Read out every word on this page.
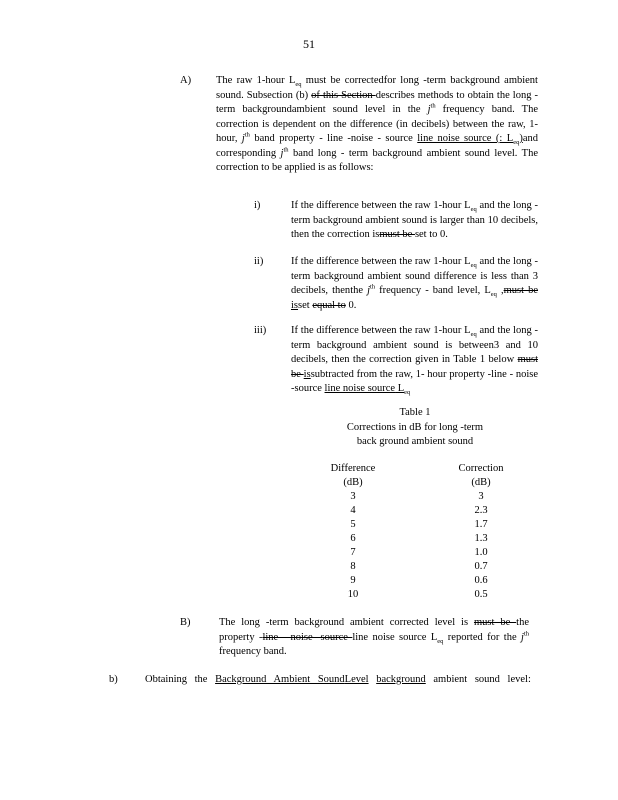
51
A) The raw 1-hour $L_{eq}$ must be correctedfor long -term background ambient sound. Subsection (b) of this Section describes methods to obtain the long -term backgroundambient sound level in the $j^{th}$ frequency band. The correction is dependent on the difference (in decibels) between the raw, 1- hour, $j^{th}$ band property - line -noise - source line noise source (: $L_{eq})and$ corresponding $j^{th}$ band long - term background ambient sound level. The correction to be applied is as follows:
i)	If the difference between the raw 1-hour $L_{eq}$ and the long -term background ambient sound is larger than 10 decibels, then the correction ismust be set to 0.
ii)	If the difference between the raw 1-hour $L_{eq}$ and the long -term background ambient sound difference is less than 3 decibels, thenthe $j^{th}$ frequency - band level, $L_{eq}$ ,must be isset equal to 0.
iii) If the difference between the raw 1-hour $L_{eq}$ and the long -term background ambient sound is between3 and 10 decibels, then the correction given in Table 1 below must be issubtracted from the raw, 1- hour property -line - noise -source line noise source $L_{eq}$
Table 1
Corrections in dB for long -term
back ground ambient sound
Difference		Correction
(dB)		(dB)
3		3
4		2.3
5		1.7
6		1.3
7		1.0
8		0.7
9		0.6
10		0.5
B)	The long -term background ambient corrected level is must be the property -line - noise -source line noise source $L_{eq}$ reported for the $j^{th}$ frequency band.
b)	Obtaining the Background Ambient SoundLevel background ambient sound level:
